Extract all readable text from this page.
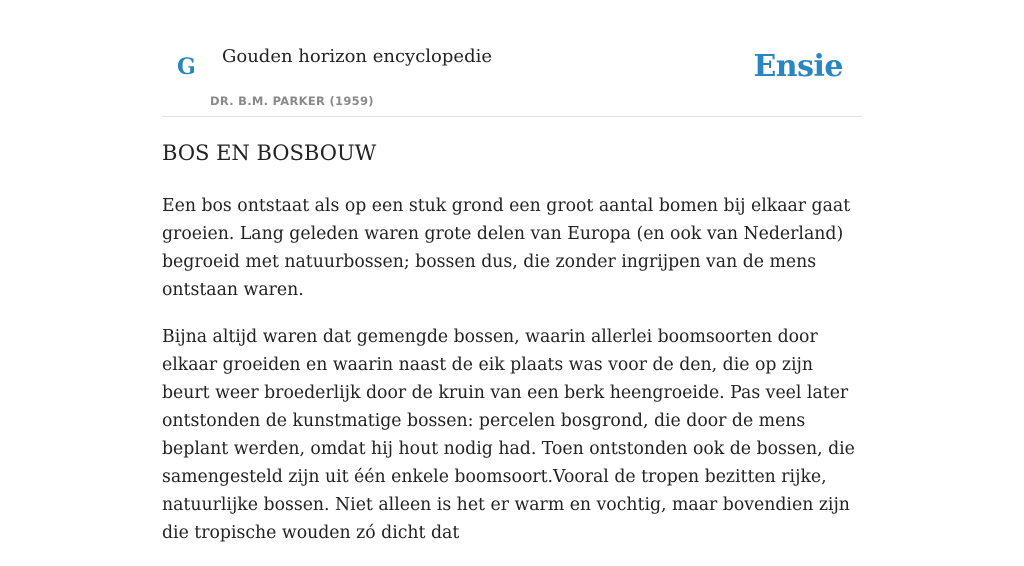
G Gouden horizon encyclopedie
DR. B.M. PARKER (1959)
Ensie
BOS EN BOSBOUW

Een bos ontstaat als op een stuk grond een groot aantal bomen bij elkaar gaat groeien. Lang geleden waren grote delen van Europa (en ook van Nederland) begroeid met natuurbossen; bossen dus, die zonder ingrijpen van de mens ontstaan waren.

Bijna altijd waren dat gemengde bossen, waarin allerlei boomsoorten door elkaar groeiden en waarin naast de eik plaats was voor de den, die op zijn beurt weer broederlijk door de kruin van een berk heengroeide. Pas veel later ontstonden de kunstmatige bossen: percelen bosgrond, die door de mens beplant werden, omdat hij hout nodig had. Toen ontstonden ook de bossen, die samengesteld zijn uit één enkele boomsoort.Vooral de tropen bezitten rijke, natuurlijke bossen. Niet alleen is het er warm en vochtig, maar bovendien zijn die tropische wouden zó dicht dat
